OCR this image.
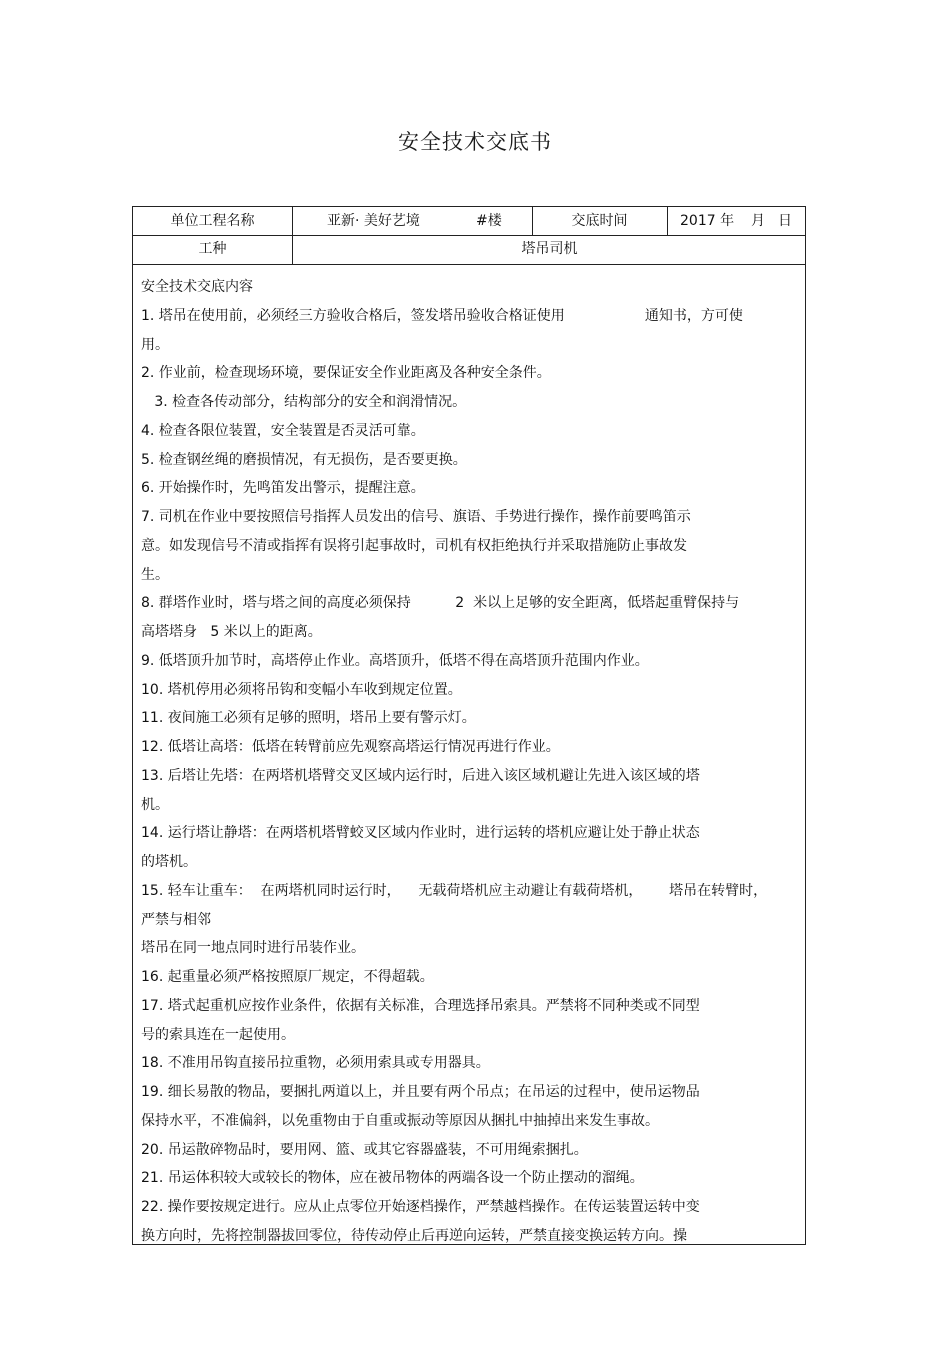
安全技术交底书
单位工程名称	亚新· 美好艺境	#楼	交底时间	2017 年 月 日
工种	塔吊司机
安全技术交底内容
1. 塔吊在使用前，必须经三方验收合格后，签发塔吊验收合格证使用                  通知书，方可使
用。
2. 作业前，检查现场环境，要保证安全作业距离及各种安全条件。
3. 检查各传动部分，结构部分的安全和润滑情况。
4. 检查各限位装置，安全装置是否灵活可靠。
5. 检查钢丝绳的磨损情况，有无损伤，是否要更换。
6. 开始操作时，先鸣笛发出警示，提醒注意。
7. 司机在作业中要按照信号指挥人员发出的信号、旗语、手势进行操作，操作前要鸣笛示
意。如发现信号不清或指挥有误将引起事故时，司机有权拒绝执行并采取措施防止事故发
生。
8. 群塔作业时，塔与塔之间的高度必须保持          2  米以上足够的安全距离，低塔起重臂保持与
高塔塔身   5 米以上的距离。
9. 低塔顶升加节时，高塔停止作业。高塔顶升，低塔不得在高塔顶升范围内作业。
10. 塔机停用必须将吊钩和变幅小车收到规定位置。
11. 夜间施工必须有足够的照明，塔吊上要有警示灯。
12. 低塔让高塔：低塔在转臂前应先观察高塔运行情况再进行作业。
13. 后塔让先塔：在两塔机塔臂交叉区域内运行时，后进入该区域机避让先进入该区域的塔
机。
14. 运行塔让静塔：在两塔机塔臂蛟叉区域内作业时，进行运转的塔机应避让处于静止状态
的塔机。
15. 轻车让重车：  在两塔机同时运行时，    无载荷塔机应主动避让有载荷塔机，      塔吊在转臂时，
严禁与相邻
塔吊在同一地点同时进行吊装作业。
16. 起重量必须严格按照原厂规定，不得超载。
17. 塔式起重机应按作业条件，依据有关标准，合理选择吊索具。严禁将不同种类或不同型
号的索具连在一起使用。
18. 不准用吊钩直接吊拉重物，必须用索具或专用器具。
19. 细长易散的物品，要捆扎两道以上，并且要有两个吊点；在吊运的过程中，使吊运物品
保持水平，不准偏斜，以免重物由于自重或振动等原因从捆扎中抽掉出来发生事故。
20. 吊运散碎物品时，要用网、篮、或其它容器盛装，不可用绳索捆扎。
21. 吊运体积较大或较长的物体，应在被吊物体的两端各设一个防止摆动的溜绳。
22. 操作要按规定进行。应从止点零位开始逐档操作，严禁越档操作。在传运装置运转中变
换方向时，先将控制器拔回零位，待传动停止后再逆向运转，严禁直接变换运转方向。操
